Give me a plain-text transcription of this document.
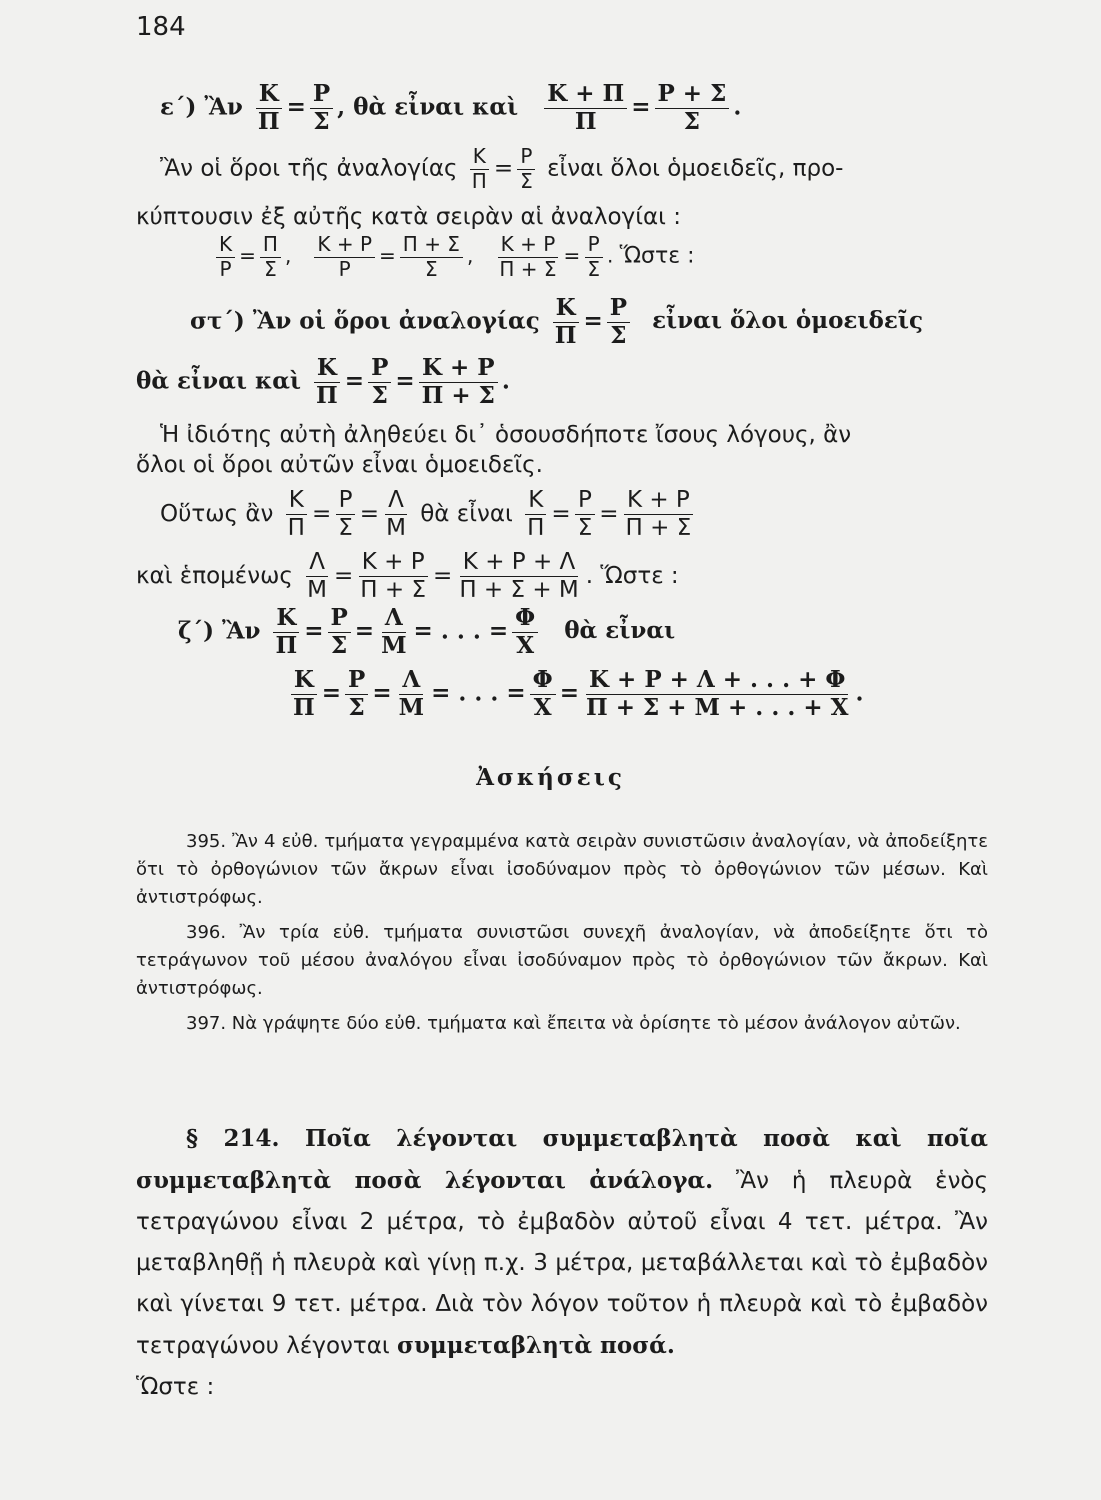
184
ε΄) Ἂν $\frac{K}{\Pi} = \frac{P}{\Sigma}$ , θὰ εἶναι καὶ $\frac{K + \Pi}{\Pi} = \frac{P + \Sigma}{\Sigma}$ .
Ἂν οἱ ὅροι τῆς ἀναλογίας $\frac{K}{\Pi} = \frac{P}{\Sigma}$ εἶναι ὅλοι ὁμοειδεῖς, προ-
κύπτουσιν ἐξ αὐτῆς κατὰ σειρὰν αἱ ἀναλογίαι :
$\frac{K}{P} = \frac{\Pi}{\Sigma}$ , $\frac{K + P}{P} = \frac{\Pi + \Sigma}{\Sigma}$ , $\frac{K + P}{\Pi + \Sigma} = \frac{P}{\Sigma}$ . Ὥστε :
στ΄) Ἂν οἱ ὅροι ἀναλογίας $\frac{K}{\Pi} = \frac{P}{\Sigma}$ εἶναι ὅλοι ὁμοειδεῖς
θὰ εἶναι καὶ $\frac{K}{\Pi} = \frac{P}{\Sigma} = \frac{K + P}{\Pi + \Sigma}$ .
Ἡ ἰδιότης αὐτὴ ἀληθεύει δι᾽ ὁσουσδήποτε ἴσους λόγους, ἂν
ὅλοι οἱ ὅροι αὐτῶν εἶναι ὁμοειδεῖς.
Οὕτως ἂν $\frac{K}{\Pi} = \frac{P}{\Sigma} = \frac{\Lambda}{M}$ θὰ εἶναι $\frac{K}{\Pi} = \frac{P}{\Sigma} = \frac{K + P}{\Pi + \Sigma}$
καὶ ἑπομένως $\frac{\Lambda}{M} = \frac{K + P}{\Pi + \Sigma} = \frac{K + P + \Lambda}{\Pi + \Sigma + M}$ . Ὥστε :
ζ΄) Ἂν $\frac{K}{\Pi} = \frac{P}{\Sigma} = \frac{\Lambda}{M}$ = . . . = $\frac{\Phi}{X}$ θὰ εἶναι
$\frac{K}{\Pi} = \frac{P}{\Sigma} = \frac{\Lambda}{M}$ = . . . = $\frac{\Phi}{X} = \frac{K + P + \Lambda + . . . + \Phi}{\Pi + \Sigma + M + . . . + X}$ .
Ἀσκήσεις
395. Ἂν 4 εὐθ. τμήματα γεγραμμένα κατὰ σειρὰν συνιστῶσιν ἀναλογίαν, νὰ ἀποδείξητε ὅτι τὸ ὀρθογώνιον τῶν ἄκρων εἶναι ἰσοδύναμον πρὸς τὸ ὀρθογώνιον τῶν μέσων. Καὶ ἀντιστρόφως.
396. Ἂν τρία εὐθ. τμήματα συνιστῶσι συνεχῆ ἀναλογίαν, νὰ ἀποδείξητε ὅτι τὸ τετράγωνον τοῦ μέσου ἀναλόγου εἶναι ἰσοδύναμον πρὸς τὸ ὀρθογώνιον τῶν ἄκρων. Καὶ ἀντιστρόφως.
397. Νὰ γράψητε δύο εὐθ. τμήματα καὶ ἔπειτα νὰ ὁρίσητε τὸ μέσον ἀνάλογον αὐτῶν.
§ 214. Ποῖα λέγονται συμμεταβλητὰ ποσὰ καὶ ποῖα συμμεταβλητὰ ποσὰ λέγονται ἀνάλογα. Ἂν ἡ πλευρὰ ἑνὸς τετραγώνου εἶναι 2 μέτρα, τὸ ἐμβαδὸν αὐτοῦ εἶναι 4 τετ. μέτρα. Ἂν μεταβληθῇ ἡ πλευρὰ καὶ γίνῃ π.χ. 3 μέτρα, μεταβάλλεται καὶ τὸ ἐμβαδὸν καὶ γίνεται 9 τετ. μέτρα. Διὰ τὸν λόγον τοῦτον ἡ πλευρὰ καὶ τὸ ἐμβαδὸν τετραγώνου λέγονται συμμεταβλητὰ ποσά.
Ὥστε :
